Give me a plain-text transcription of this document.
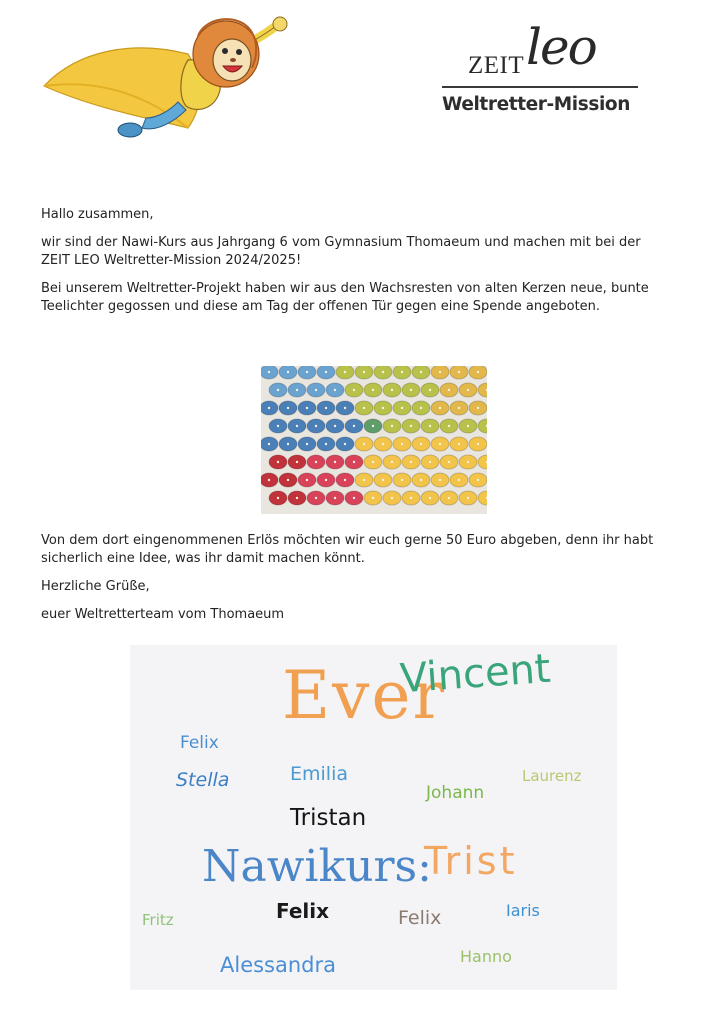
ZEIT leo
Weltretter-Mission

Hallo zusammen,

wir sind der Nawi-Kurs aus Jahrgang 6 vom Gymnasium Thomaeum und machen mit bei der ZEIT LEO Weltretter-Mission 2024/2025!

Bei unserem Weltretter-Projekt haben wir aus den Wachsresten von alten Kerzen neue, bunte Teelichter gegossen und diese am Tag der offenen Tür gegen eine Spende angeboten.

Von dem dort eingenommenen Erlös möchten wir euch gerne 50 Euro abgeben, denn ihr habt sicherlich eine Idee, was ihr damit machen könnt.

Herzliche Grüße,

euer Weltretterteam vom Thomaeum

Ever
Vincent
Felix
Stella	Emilia
Johann
Laurenz
Tristan
Nawikurs:
Trist
Fritz	Felix	Felix	Iaris
Alessandra	Hanno
